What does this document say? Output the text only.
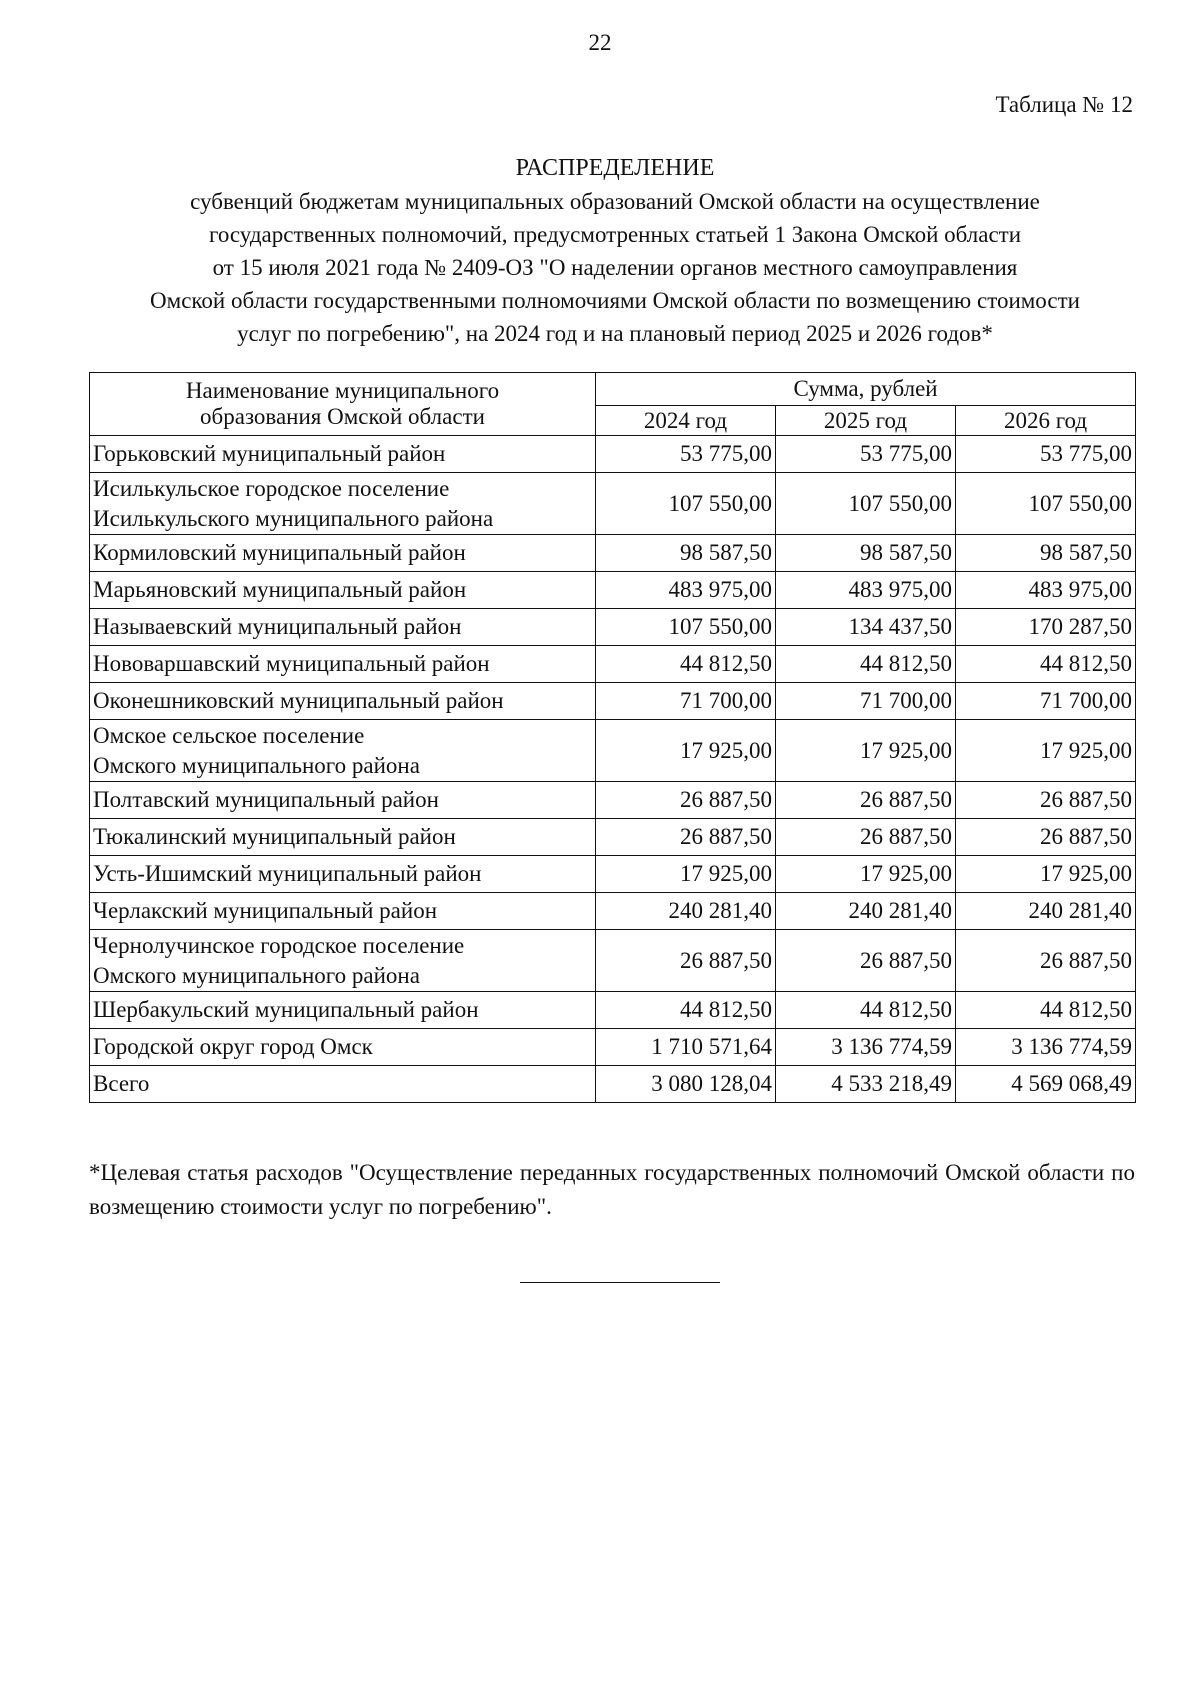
22
Таблица № 12
РАСПРЕДЕЛЕНИЕ
субвенций бюджетам муниципальных образований Омской области на осуществление
государственных полномочий, предусмотренных статьей 1 Закона Омской области
от 15 июля 2021 года № 2409-ОЗ "О наделении органов местного самоуправления
Омской области государственными полномочиями Омской области по возмещению стоимости
услуг по погребению", на 2024 год и на плановый период 2025 и 2026 годов*
Наименование муниципального
образования Омской области	Сумма, рублей		
	2024 год	2025 год	2026 год
Горьковский муниципальный район	53 775,00	53 775,00	53 775,00
Исилькульское городское поселение
Исилькульского муниципального района	107 550,00	107 550,00	107 550,00
Кормиловский муниципальный район	98 587,50	98 587,50	98 587,50
Марьяновский муниципальный район	483 975,00	483 975,00	483 975,00
Называевский муниципальный район	107 550,00	134 437,50	170 287,50
Нововаршавский муниципальный район	44 812,50	44 812,50	44 812,50
Оконешниковский муниципальный район	71 700,00	71 700,00	71 700,00
Омское сельское поселение
Омского муниципального района	17 925,00	17 925,00	17 925,00
Полтавский муниципальный район	26 887,50	26 887,50	26 887,50
Тюкалинский муниципальный район	26 887,50	26 887,50	26 887,50
Усть-Ишимский муниципальный район	17 925,00	17 925,00	17 925,00
Черлакский муниципальный район	240 281,40	240 281,40	240 281,40
Чернолучинское городское поселение
Омского муниципального района	26 887,50	26 887,50	26 887,50
Шербакульский муниципальный район	44 812,50	44 812,50	44 812,50
Городской округ город Омск	1 710 571,64	3 136 774,59	3 136 774,59
Всего	3 080 128,04	4 533 218,49	4 569 068,49
*Целевая статья расходов "Осуществление переданных государственных полномочий Омской области по возмещению стоимости услуг по погребению".
